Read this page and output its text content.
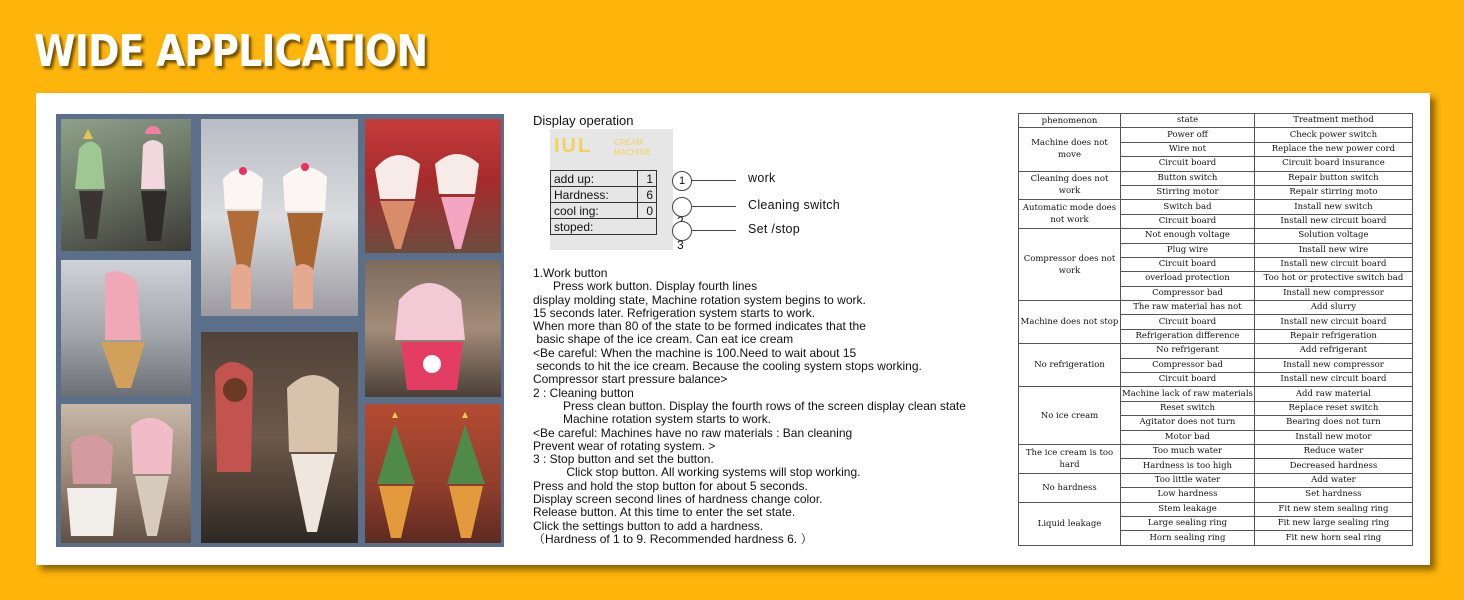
WIDE APPLICATION
Display operation
IUL	CREAM
MACHINE
add up:	1
Hardness:	6
cool ing:	0
stoped:	
1	work
Cleaning switch
3
Set /stop
1.Work button
Press work button. Display fourth lines
display molding state, Machine rotation system begins to work.
15 seconds later. Refrigeration system starts to work.
When more than 80 of the state to be formed indicates that the
basic shape of the ice cream. Can eat ice cream
<Be careful: When the machine is 100.Need to wait about 15
seconds to hit the ice cream. Because the cooling system stops working.
Compressor start pressure balance>
2 : Cleaning button
Press clean button. Display the fourth rows of the screen display clean state
Machine rotation system starts to work.
<Be careful: Machines have no raw materials : Ban cleaning
Prevent wear of rotating system. >
3 : Stop button and set the button.
Click stop button. All working systems will stop working.
Press and hold the stop button for about 5 seconds.
Display screen second lines of hardness change color.
Release button. At this time to enter the set state.
Click the settings button to add a hardness.
（Hardness of 1 to 9. Recommended hardness 6. ）
phenomenon	state	Treatment method
Machine does not move	Power off	Check power switch
	Wire not	Replace the new power cord
	Circuit board	Circuit board insurance
Cleaning does not work	Button switch	Repair button switch
	Stirring motor	Repair stirring moto
Automatic mode does not work	Switch bad	Install new switch
	Circuit board	Install new circuit board
Compressor does not work	Not enough voltage	Solution voltage
	Plug wire	Install new wire
	Circuit board	Install new circuit board
	overload protection	Too hot or protective switch bad
	Compressor bad	Install new compressor
Machine does not stop	The raw material has not	Add slurry
	Circuit board	Install new circuit board
	Refrigeration difference	Repair refrigeration
No refrigeration	No refrigerant	Add refrigerant
	Compressor bad	Install new compressor
	Circuit board	Install new circuit board
No ice cream	Machine lack of raw materials	Add raw material
	Reset switch	Replace reset switch
	Agitator does not turn	Bearing does not turn
	Motor bad	Install new motor
The ice cream is too hard	Too much water	Reduce water
	Hardness is too high	Decreased hardness
No hardness	Too little water	Add water
	Low hardness	Set hardness
Liquid leakage	Stem leakage	Fit new stem sealing ring
	Large sealing ring	Fit new large sealing ring
	Horn sealing ring	Fit new horn seal ring
